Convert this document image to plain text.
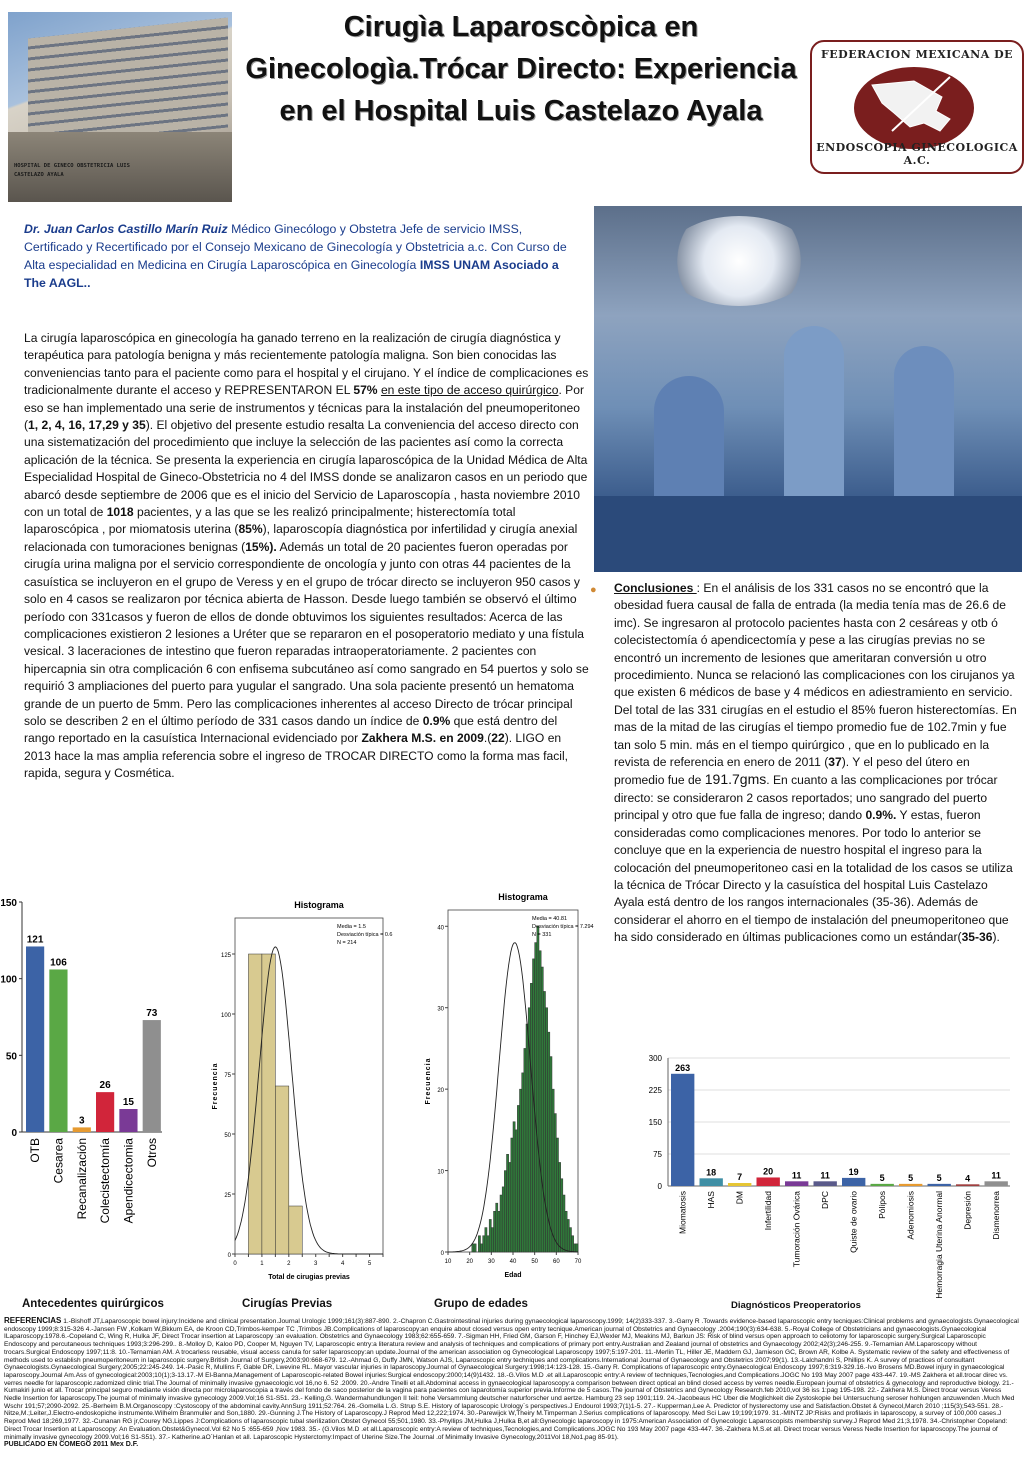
HOSPITAL DE GINECO OBSTETRICIA LUIS CASTELAZO AYALA
Cirugìa Laparoscòpica en Ginecologìa.Trócar Directo: Experiencia en el Hospital Luis Castelazo Ayala
FEDERACION MEXICANA DE
ENDOSCOPIA GINECOLOGICA A.C.
Dr. Juan Carlos Castillo Marín Ruiz Médico Ginecólogo y Obstetra Jefe de servicio IMSS, Certificado y Recertificado por el Consejo Mexicano de Ginecología y Obstetricia a.c. Con Curso de Alta especialidad en Medicina en Cirugía Laparoscópica en Ginecología IMSS UNAM Asociado a The AAGL..
La cirugía laparoscópica en ginecología ha ganado terreno en la realización de cirugía diagnóstica y terapéutica para patología benigna y más recientemente patología maligna. Son bien conocidas las conveniencias tanto para el paciente como para el hospital y el cirujano. Y el índice de complicaciones es tradicionalmente durante el acceso y REPRESENTARON EL 57% en este tipo de acceso quirúrgico. Por eso se han implementado una serie de instrumentos y técnicas para la instalación del pneumoperitoneo (1, 2, 4, 16, 17,29 y 35). El objetivo del presente estudio resalta La conveniencia del acceso directo con una sistematización del procedimiento que incluye la selección de las pacientes así como la correcta aplicación de la técnica. Se presenta la experiencia en cirugía laparoscópica de la Unidad Médica de Alta Especialidad Hospital de Gineco-Obstetricia no 4 del IMSS donde se analizaron casos en un periodo que abarcó desde septiembre de 2006 que es el inicio del Servicio de Laparoscopía , hasta noviembre 2010 con un total de 1018 pacientes, y a las que se les realizó principalmente; histerectomía total laparoscópica , por miomatosis uterina (85%), laparoscopía diagnóstica por infertilidad y cirugía anexial relacionada con tumoraciones benignas (15%). Además un total de 20 pacientes fueron operadas por cirugía urina maligna por el servicio correspondiente de oncología y junto con otras 44 pacientes de la casuística se incluyeron en el grupo de Veress y en el grupo de trócar directo se incluyeron 950 casos y solo en 4 casos se realizaron por técnica abierta de Hasson. Desde luego también se observó el último período con 331casos y fueron de ellos de donde obtuvimos los siguientes resultados: Acerca de las complicaciones existieron 2 lesiones a Uréter que se repararon en el posoperatorio mediato y una fístula vesical. 3 laceraciones de intestino que fueron reparadas intraoperatoriamente. 2 pacientes con hipercapnia sin otra complicación 6 con enfisema subcutáneo así como sangrado en 54 puertos y solo se requirió 3 ampliaciones del puerto para yugular el sangrado. Una sola paciente presentó un hematoma grande de un puerto de 5mm. Pero las complicaciones inherentes al acceso Directo de trócar principal solo se describen 2 en el último período de 331 casos dando un índice de 0.9% que está dentro del rango reportado en la casuística Internacional evidenciado por Zakhera M.S. en 2009.(22). LIGO en 2013 hace la mas amplia referencia sobre el ingreso de TROCAR DIRECTO como la forma mas facil, rapida, segura y Cosmética.
● Conclusiones : En el análisis de los 331 casos no se encontró que la obesidad fuera causal de falla de entrada (la media tenía mas de 26.6 de imc). Se ingresaron al protocolo pacientes hasta con 2 cesáreas y otb ó colecistectomía ó apendicectomía y pese a las cirugías previas no se encontró un incremento de lesiones que ameritaran conversión u otro procedimiento. Nunca se relacionó las complicaciones con los cirujanos ya que existen 6 médicos de base y 4 médicos en adiestramiento en servicio. Del total de las 331 cirugías en el estudio el 85% fueron histerectomías. En mas de la mitad de las cirugías el tiempo promedio fue de 102.7min y fue tan solo 5 min. más en el tiempo quirúrgico , que en lo publicado en la revista de referencia en enero de 2011 (37). Y el peso del útero en promedio fue de 191.7gms. En cuanto a las complicaciones por trócar directo: se consideraron 2 casos reportados; uno sangrado del puerto principal y otro que fue falla de ingreso; dando 0.9%. Y estas, fueron consideradas como complicaciones menores. Por todo lo anterior se concluye que en la experiencia de nuestro hospital el ingreso para la colocación del pneumoperitoneo casi en la totalidad de los casos se utiliza la técnica de Trócar Directo y la casuística del hospital Luis Castelazo Ayala está dentro de los rangos internacionales (35-36). Además de considerar el ahorro en el tiempo de instalación del pneumoperitoneo que ha sido considerado en últimas publicaciones como un estándar(35-36).
0
50
100
150
121
OTB
106
Cesarea
3
Recanalización
26
Colecistectomía
15
Apendicectomia
73
Otros
Histograma
0
25
50
75
100
125
0	1	2	3	4	5
Media = 1.5
Desviación típica = 0.6
N = 214
Frecuencia
Total de cirugias previas
Histograma
0
10
20
30
40
10 20 30 40 50 60 70
Media = 40.81
Desviación típica = 7.294
N = 331
Frecuencia
Edad
0
75
150
225
300
263
Miomatosis
18
HAS
7
DM
20
Infertilidad
11
Tumoración Ovárica
11
DPC
19
Quiste de ovario
5
Pólipos
5
Adenomiosis
5
Hemorragia Uterina Anormal
4
Depresión
11
Dismenorrea
Antecedentes quirúrgicos	Cirugías Previas	Grupo de edades	Diagnósticos Preoperatorios
REFERENCIAS 1.-Bishoff JT,Laparoscopic bowel injury:Incidene and clinical presentation.Journal Urologic 1999;161(3):887-890. 2.-Chapron C.Gastrointestinal injuries during gynaecological laparoscopy.1999; 14(2)333-337. 3.-Garry R .Towards evidence-based laparoscopic entry tecniques:Clinical problems and gynaecologists.Gynaecological endoscopy 1999;8:315-326 4.-Jansen FW ,Kolkam W,Bkkum EA, de Kroon CD,Trimbos-kemper TC ,Trimbos JB.Complications of laparoscopy:an enquire about closed versus open entry tecnique.American journal of Obstetrics and Gynaecology .2004;190(3):634-638. 5.-Royal College of Obstetricians and gynaecologists.Gynaecological ILaparoscopy.1978.6.-Copeland C, Wing R, Hulka JF, Direct Trocar insertion at Laparoscopy :an evaluation. Obstetrics and Gynaecology 1983;62:655-659. 7.-Sigman HH, Fried GM, Garson F, Hinchey EJ,Wexler MJ, Meakins MJ, Barkun JS: Risk of blind versus open approach to celiotomy for laparoscopic surgery.Surgical Laparoscopic Endoscopy and percutaneous techniques 1993;3:296-299.. 8.-Molloy D, Kaloo PD, Cooper M, Nguyen TV, Laparoscopic entry:a literatura review and analysis of techniques and complications of primary port entry.Australian and Zealand journal of obstetrics and Gynaecology 2002;42(3);246-255. 9.-Ternamian AM.Laparoscopy without trocars.Surgical Endoscopy 1997;11:8. 10.-Ternamian AM. A trocarless reusable, visual access canula for safer laparoscopy:an update.Journal of the american association og Gynecological Laparoscopy 1997;5:197-201. 11.-Merlin TL, Hiller JE, Maddern GJ, Jamieson GC, Brown AR, Kolbe A. Systematic review of the safety and effectiveness of methods used to establish pneumoperitoneum in laparoscopic surgery.British Journal of Surgery,2003;90:668-679. 12.-Ahmad G, Duffy JMN, Watson AJS, Laparoscopic entry techniques and complications.International Journal of Gynaecology and Obstetrics 2007;99(1). 13.-Lalchandni S, Phillips K. A survey of practices of consultant Gynaecologists.Gynaecological Surgery;2005;22:245-249. 14.-Pasic R, Mullins F, Gable DR, Lwevine RL. Mayor vascular injuries in laparoscopy.Journal of Gynaecological Surgery:1998;14:123-128. 15.-Garry R. Complications of laparoscopic entry.Gynaecological Endoscopy 1997;6:319-329.16.-Ivo Brosens MD.Bowel injury in gynaecological laparoscopy.Journal Am.Ass of gynecological:2003;10(1);3-13.17.-M El-Banna,Management of Laparoscopic-related Bowel injuries:Surgical endoscopy:2000;14(9)1432. 18.-G.Vilos M.D .et all.Laparoscopic entry:A review of techniques,Tecnologies,and Complications.JOGC No 193 May 2007 page 433-447. 19.-MS Zakhera et all.trocar direc vs. verres needle for laparoscopic.radomized clinic trial.The Journal of minimally invasive gynaecologic.vol 16,no 6. 52 .2009. 20.-Andre Tinelli et all.Abdominal access in gynaecological laparoscopy:a comparison between direct optical an blind closed access by verres needle.European journal of obstetrics & gynecology and reproductive biology. 21.-Kumakiri junio et all. Trocar principal seguro mediante visión directa por microlaparoscopia a través del fondo de saco posterior de la vagina para pacientes con laparotomía superior previa.Informe de 5 casos.The journal of Obstetrics and Gynecology Research.feb 2010,vol 36 iss 1:pag 195-198. 22.- Zakhera M.S. Direct trocar versus Veress Nedle Insertion for laparoscopy.The journal of minimally invasive gynecology 2009.Vol;16 S1-S51. 23.- Kelling,G. Wandermahundlungen II teil: hohe Versammlung deutscher naturforscher und aertze. Hamburg 23 sep 1901;119. 24.-Jacobeaus HC Uber die Moglichkeit die Zystoskopie bei Untersuchung seroser hohlungen anzuwenden .Much Med Wschr 191;57;2090-2092. 25.-Berheim B.M.Organoscopy :Cystoscopy of the abdominal cavity.AnnSurg 1911;52:764. 26.-Gomella L.G. Strup S.E. History of laparoscopic Urology´s perspectives.J Endourol 1993;7(1)1-5. 27.- Kupperman,Lee A. Predictor of hysterectomy use and Satisfaction.Obstet & Gynecol,March 2010 ;115(3);543-551. 28.-Nitze,M.;Leiter,J.Electro-endoskopiche instrumente.Wilhelm Branmuller and Son,1880. 29.-Gunning J.The History of Laparoscopy.J Reprod Med 12,222;1974. 30.-Parewijck W,Theiry M.Timperman J.Serius complications of laparoscopy. Med Sci Law 19;199;1979. 31.-MINTZ JP:Risks and profilaxis in laparoscopy, a survey of 100,000 cases.J Reprod Med 18;269,1977. 32.-Cunanan RG jr,Courey NG,Lippes J:Complications of laparoscopic tubal sterilization.Obstet Gynecol 55;501,1980. 33.-Phyllips JM,Hulka J,Hulka B,et all:Gynecologic laparoscopy in 1975:American Association of Gynecologic Laparoscopists membership survey.J Reprod Med 21;3,1978. 34.-Christopher Copeland: Direct Trocar Insertion at Laparoscopy: An Evaluation.Obstet&Gynecol.Vol 62 No 5 :655-659 ,Nov 1983. 35.- (G.Vilos M.D .et all.Laparoscopic entry:A review of techniques,Tecnologies,and Complications.JOGC No 193 May 2007 page 433-447. 36.-Zakhera M.S.et all. Direct trocar versus Veress Nedle Insertion for laparoscopy.The journal of minimally invasive gynecology 2009.Vol;16 S1-S51). 37.- Katherine.aO´Hanlan et all. Laparoscopic Hysterctomy:Impact of Uterine Size.The Journal .of Minimally Invasive Gynecology,2011Vol 18,No1,pag 85-91).
PUBLICADO EN COMEGO 2011 Mex D.F.
